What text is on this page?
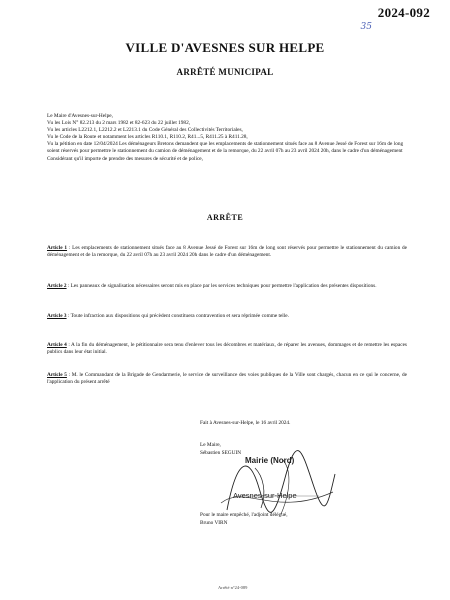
2024-092
35
VILLE D'AVESNES SUR HELPE
ARRÊTÉ MUNICIPAL

Le Maire d'Avesnes-sur-Helpe,

Vu les Lois N° 82.213 du 2 mars 1982 et 82-623 du 22 juillet 1982,

Vu les articles L2212.1, L2212.2 et L2213.1 du Code Général des Collectivités Territoriales,

Vu le Code de la Route et notamment les articles R110.1, R110.2, R41...5, R411.25 à R411.28,

Vu la pétition en date 12/04/2024 Les déménageurs Bretons demandent que les emplacements de stationnement situés face au 8 Avenue Jessé de Forest sur 16m de long soient réservés pour permettre le stationnement du camion de déménagement et de la remorque, du 22 avril 07h au 23 avril 2024 20h, dans le cadre d'un déménagement

Considérant qu'il importe de prendre des mesures de sécurité et de police,

ARRÊTE

Article 1 : Les emplacements de stationnement situés face au 8 Avenue Jessé de Forest sur 16m de long sont réservés pour permettre le stationnement du camion de déménagement et de la remorque, du 22 avril 07h au 23 avril 2024 20h dans le cadre d'un déménagement.

Article 2 : Les panneaux de signalisation nécessaires seront mis en place par les services techniques pour permettre l'application des présentes dispositions.

Article 3 : Toute infraction aux dispositions qui précèdent constituera contravention et sera réprimée comme telle.

Article 4 : A la fin du déménagement, le pétitionnaire sera tenu d'enlever tous les décombres et matériaux, de réparer les avenues, dommages et de remettre les espaces publics dans leur état initial.

Article 5 : M. le Commandant de la Brigade de Gendarmerie, le service de surveillance des voies publiques de la Ville sont chargés, chacun en ce qui le concerne, de l'application du présent arrêté

Fait à Avesnes-sur-Helpe, le 16 avril 2024.
Le Maire,
Sébastien SEGUIN
Mairie (Nord)
Avesnes-sur-Helpe
Pour le maire empêché, l'adjoint délégué,
Bruno VIRN
Arrêté n°24-089
